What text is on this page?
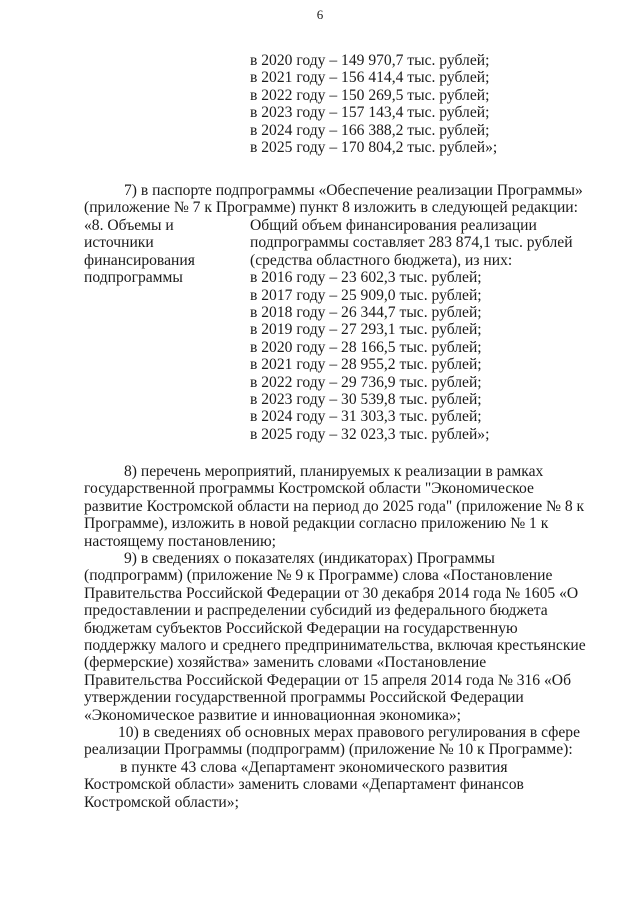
6
в 2020 году – 149 970,7 тыс. рублей;
в 2021 году – 156 414,4 тыс. рублей;
в 2022 году – 150 269,5 тыс. рублей;
в 2023 году – 157 143,4 тыс. рублей;
в 2024 году – 166 388,2 тыс. рублей;
в 2025 году – 170 804,2 тыс. рублей»;
7) в паспорте подпрограммы «Обеспечение реализации Программы»
(приложение № 7 к Программе) пункт 8 изложить в следующей редакции:
«8. Объемы и
источники
финансирования
подпрограммы
Общий объем финансирования реализации
подпрограммы составляет 283 874,1 тыс. рублей
(средства областного бюджета), из них:
в 2016 году – 23 602,3 тыс. рублей;
в 2017 году – 25 909,0 тыс. рублей;
в 2018 году – 26 344,7 тыс. рублей;
в 2019 году – 27 293,1 тыс. рублей;
в 2020 году – 28 166,5 тыс. рублей;
в 2021 году – 28 955,2 тыс. рублей;
в 2022 году – 29 736,9 тыс. рублей;
в 2023 году – 30 539,8 тыс. рублей;
в 2024 году – 31 303,3 тыс. рублей;
в 2025 году – 32 023,3 тыс. рублей»;
8) перечень мероприятий, планируемых к реализации в рамках
государственной программы Костромской области "Экономическое
развитие Костромской области на период до 2025 года" (приложение № 8 к
Программе), изложить в новой редакции согласно приложению № 1 к
настоящему постановлению;
9) в сведениях о показателях (индикаторах) Программы
(подпрограмм) (приложение № 9 к Программе) слова «Постановление
Правительства Российской Федерации от 30 декабря 2014 года № 1605 «О
предоставлении и распределении субсидий из федерального бюджета
бюджетам субъектов Российской Федерации на государственную
поддержку малого и среднего предпринимательства, включая крестьянские
(фермерские) хозяйства» заменить словами «Постановление
Правительства Российской Федерации от 15 апреля 2014 года № 316 «Об
утверждении государственной программы Российской Федерации
«Экономическое развитие и инновационная экономика»;
10) в сведениях об основных мерах правового регулирования в сфере
реализации Программы (подпрограмм) (приложение № 10 к Программе):
в пункте 43 слова «Департамент экономического развития
Костромской области» заменить словами «Департамент финансов
Костромской области»;
